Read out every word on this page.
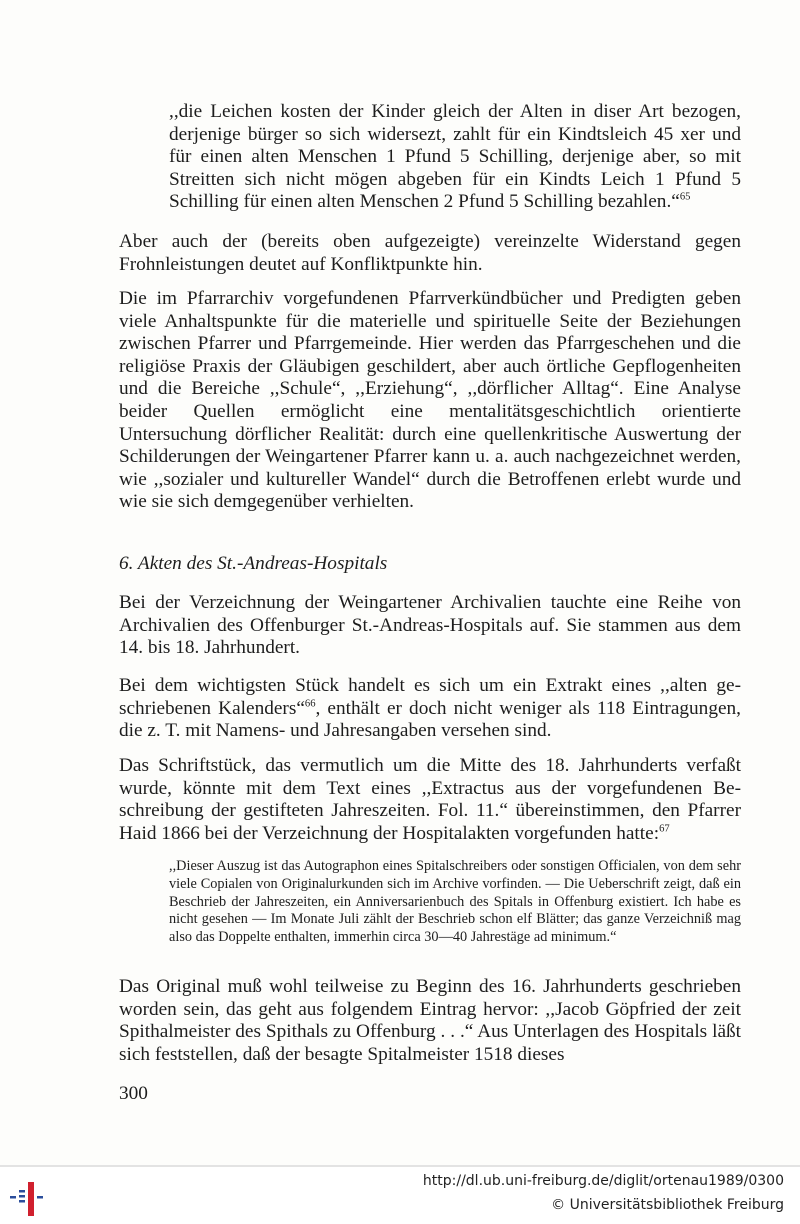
,,die Leichen kosten der Kinder gleich der Alten in diser Art bezogen, derjenige bürger so sich widersezt, zahlt für ein Kindtsleich 45 xer und für einen alten Menschen 1 Pfund 5 Schilling, derjenige aber, so mit Streitten sich nicht mögen abgeben für ein Kindts Leich 1 Pfund 5 Schilling für einen alten Menschen 2 Pfund 5 Schilling bezahlen.“$^{65}$

Aber auch der (bereits oben aufgezeigte) vereinzelte Widerstand gegen Frohnleistungen deutet auf Konfliktpunkte hin.

Die im Pfarrarchiv vorgefundenen Pfarrverkündbücher und Predigten geben viele Anhaltspunkte für die materielle und spirituelle Seite der Beziehungen zwischen Pfarrer und Pfarrgemeinde. Hier werden das Pfarrgeschehen und die religiöse Praxis der Gläubigen geschildert, aber auch örtliche Gepflogenheiten und die Bereiche ,,Schule“, ,,Erziehung“, ,,dörflicher Alltag“. Eine Analyse beider Quellen ermöglicht eine mentalitätsgeschichtlich orientierte Untersuchung dörflicher Realität: durch eine quellenkritische Auswertung der Schilderungen der Weingartener Pfarrer kann u. a. auch nachgezeichnet werden, wie ,,sozialer und kultureller Wandel“ durch die Betroffenen erlebt wurde und wie sie sich demgegenüber verhielten.

6. Akten des St.-Andreas-Hospitals

Bei der Verzeichnung der Weingartener Archivalien tauchte eine Reihe von Archivalien des Offenburger St.-Andreas-Hospitals auf. Sie stammen aus dem 14. bis 18. Jahrhundert.

Bei dem wichtigsten Stück handelt es sich um ein Extrakt eines ,,alten geschriebenen Kalenders“$^{66}$, enthält er doch nicht weniger als 118 Eintragungen, die z. T. mit Namens- und Jahresangaben versehen sind.

Das Schriftstück, das vermutlich um die Mitte des 18. Jahrhunderts verfaßt wurde, könnte mit dem Text eines ,,Extractus aus der vorgefundenen Beschreibung der gestifteten Jahreszeiten. Fol. 11.“ übereinstimmen, den Pfarrer Haid 1866 bei der Verzeichnung der Hospitalakten vorgefunden hatte:$^{67}$

,,Dieser Auszug ist das Autographon eines Spitalschreibers oder sonstigen Officialen, von dem sehr viele Copialen von Originalurkunden sich im Archive vorfinden. — Die Ueberschrift zeigt, daß ein Beschrieb der Jahreszeiten, ein Anniversarienbuch des Spitals in Offenburg existiert. Ich habe es nicht gesehen — Im Monate Juli zählt der Beschrieb schon elf Blätter; das ganze Verzeichniß mag also das Doppelte enthalten, immerhin circa 30—40 Jahrestäge ad minimum.“

Das Original muß wohl teilweise zu Beginn des 16. Jahrhunderts geschrieben worden sein, das geht aus folgendem Eintrag hervor: ,,Jacob Göpfried der zeit Spithalmeister des Spithals zu Offenburg . . .“ Aus Unterlagen des Hospitals läßt sich feststellen, daß der besagte Spitalmeister 1518 dieses

300
http://dl.ub.uni-freiburg.de/diglit/ortenau1989/0300
© Universitätsbibliothek Freiburg
